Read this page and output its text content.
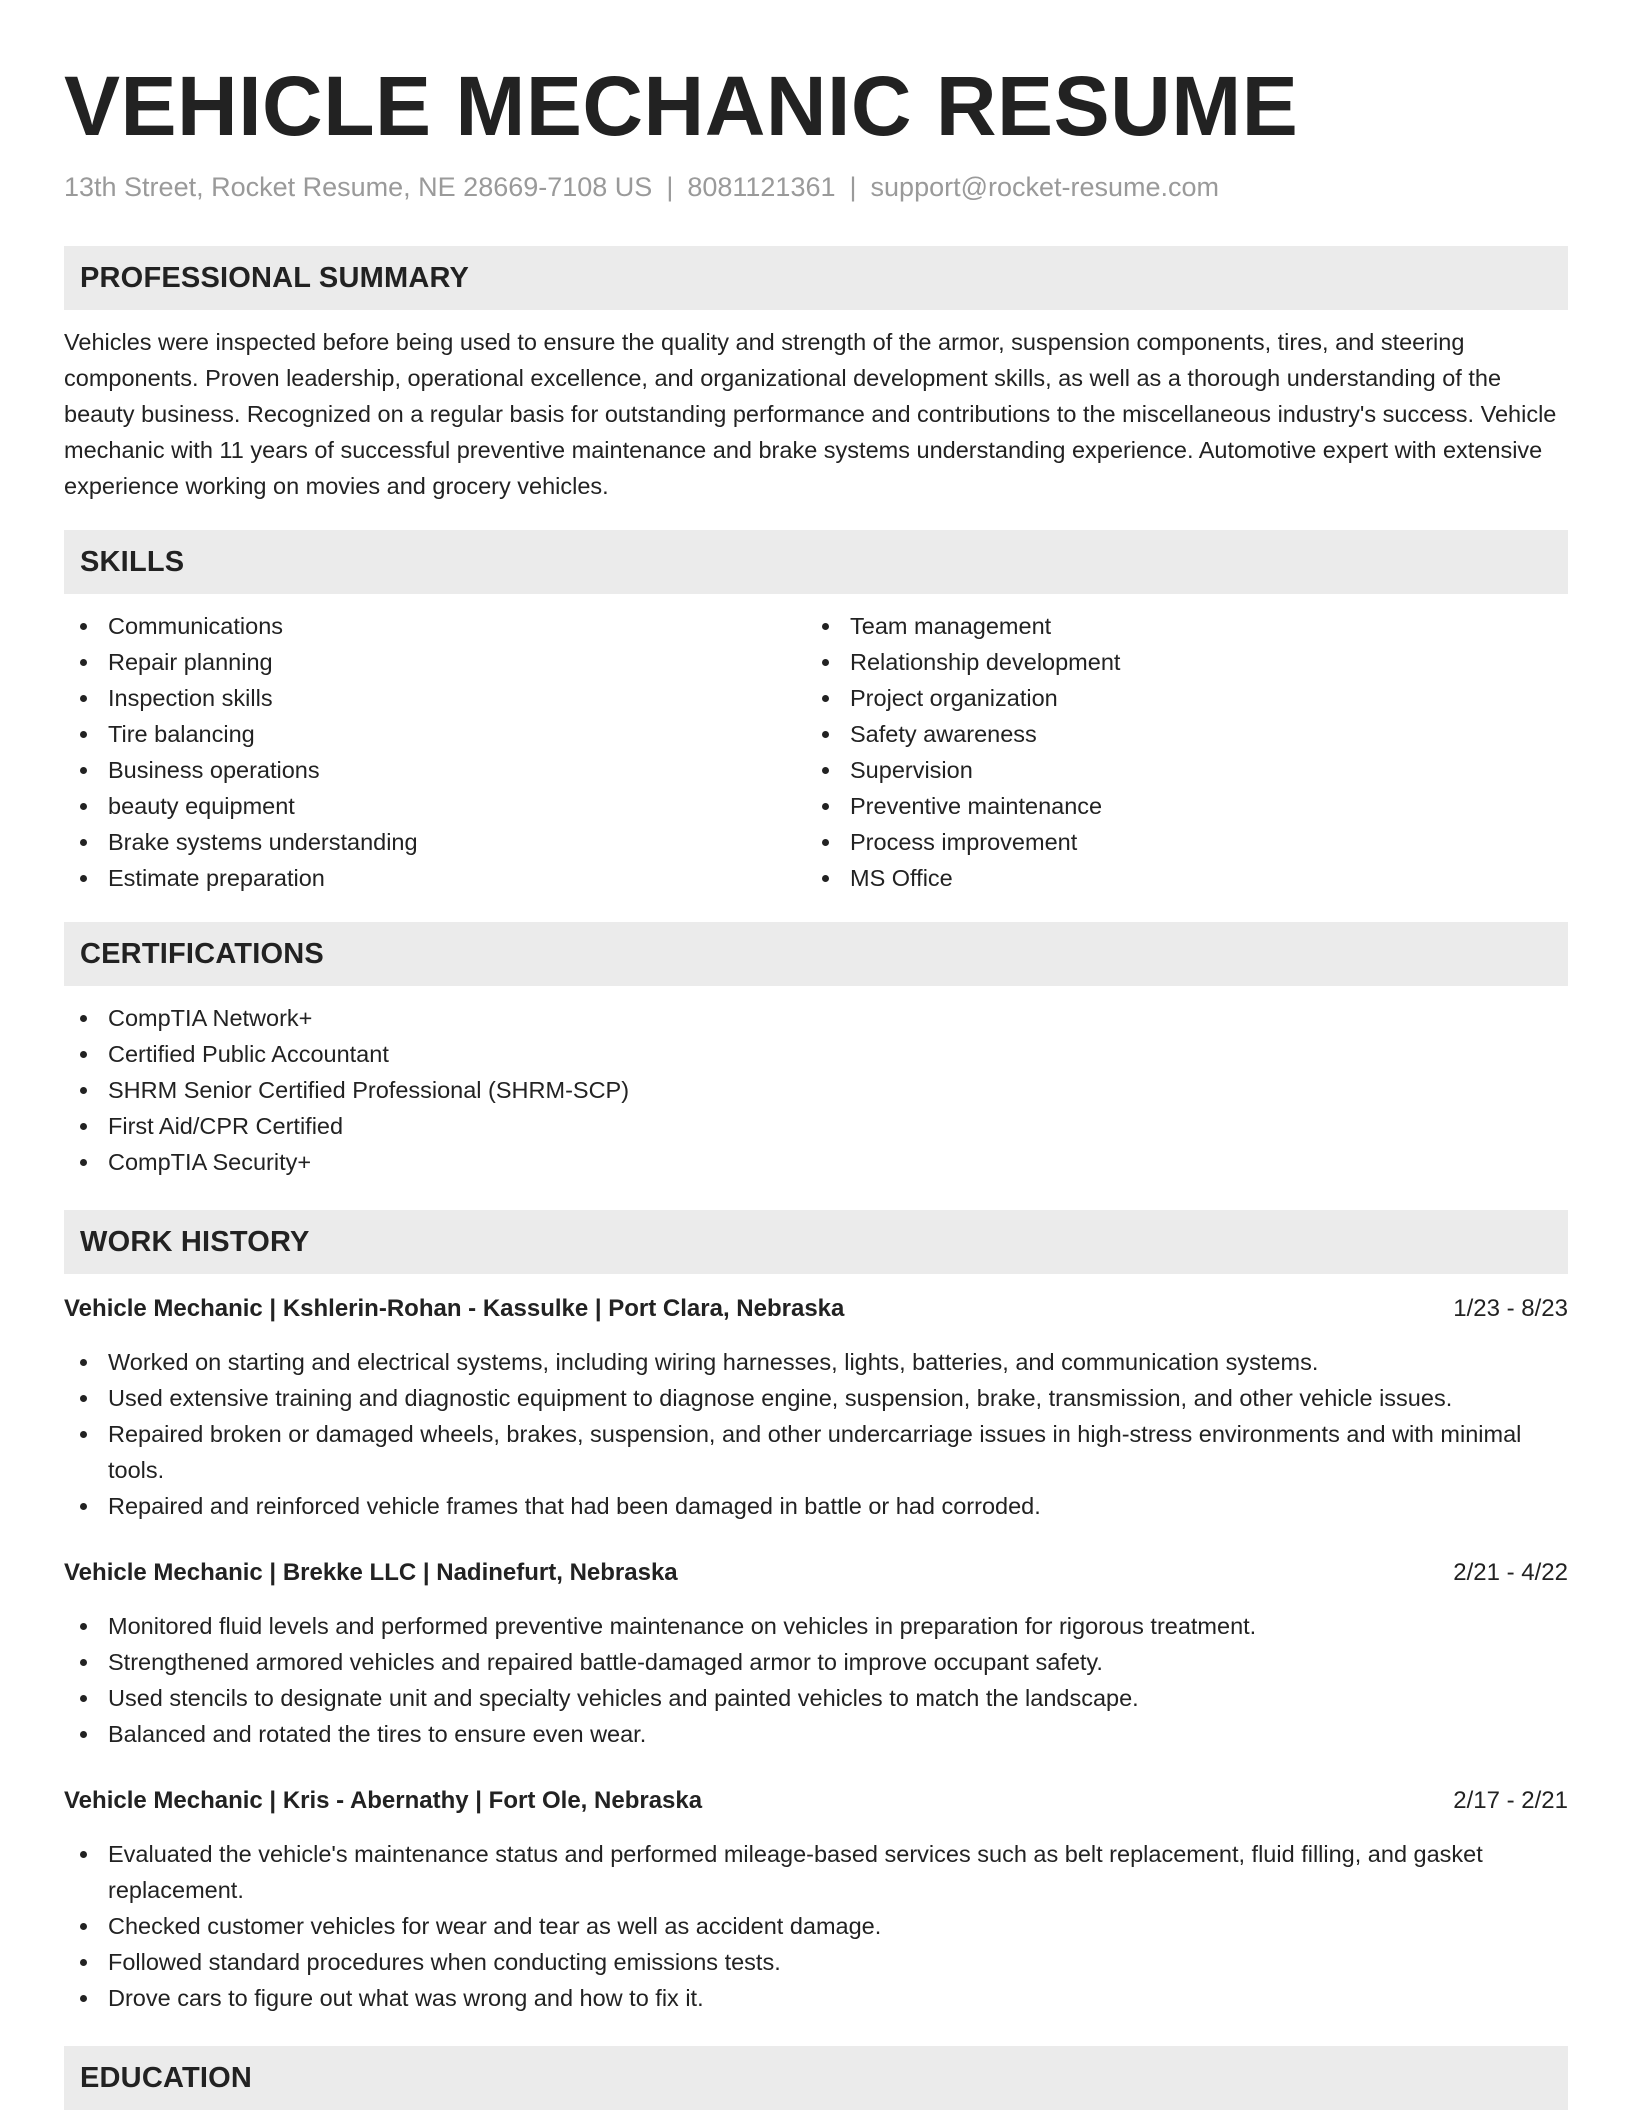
VEHICLE MECHANIC RESUME
13th Street, Rocket Resume, NE 28669-7108 US | 8081121361 | support@rocket-resume.com
PROFESSIONAL SUMMARY

Vehicles were inspected before being used to ensure the quality and strength of the armor, suspension components, tires, and steering components. Proven leadership, operational excellence, and organizational development skills, as well as a thorough understanding of the beauty business. Recognized on a regular basis for outstanding performance and contributions to the miscellaneous industry's success. Vehicle mechanic with 11 years of successful preventive maintenance and brake systems understanding experience. Automotive expert with extensive experience working on movies and grocery vehicles.

SKILLS
Communications
Repair planning
Inspection skills
Tire balancing
Business operations
beauty equipment
Brake systems understanding
Estimate preparation
Team management
Relationship development
Project organization
Safety awareness
Supervision
Preventive maintenance
Process improvement
MS Office
CERTIFICATIONS
CompTIA Network+
Certified Public Accountant
SHRM Senior Certified Professional (SHRM-SCP)
First Aid/CPR Certified
CompTIA Security+
WORK HISTORY
Vehicle Mechanic | Kshlerin-Rohan - Kassulke | Port Clara, Nebraska	1/23 - 8/23
Worked on starting and electrical systems, including wiring harnesses, lights, batteries, and communication systems.
Used extensive training and diagnostic equipment to diagnose engine, suspension, brake, transmission, and other vehicle issues.
Repaired broken or damaged wheels, brakes, suspension, and other undercarriage issues in high-stress environments and with minimal tools.
Repaired and reinforced vehicle frames that had been damaged in battle or had corroded.
Vehicle Mechanic | Brekke LLC | Nadinefurt, Nebraska	2/21 - 4/22
Monitored fluid levels and performed preventive maintenance on vehicles in preparation for rigorous treatment.
Strengthened armored vehicles and repaired battle-damaged armor to improve occupant safety.
Used stencils to designate unit and specialty vehicles and painted vehicles to match the landscape.
Balanced and rotated the tires to ensure even wear.
Vehicle Mechanic | Kris - Abernathy | Fort Ole, Nebraska	2/17 - 2/21
Evaluated the vehicle's maintenance status and performed mileage-based services such as belt replacement, fluid filling, and gasket replacement.
Checked customer vehicles for wear and tear as well as accident damage.
Followed standard procedures when conducting emissions tests.
Drove cars to figure out what was wrong and how to fix it.
EDUCATION
